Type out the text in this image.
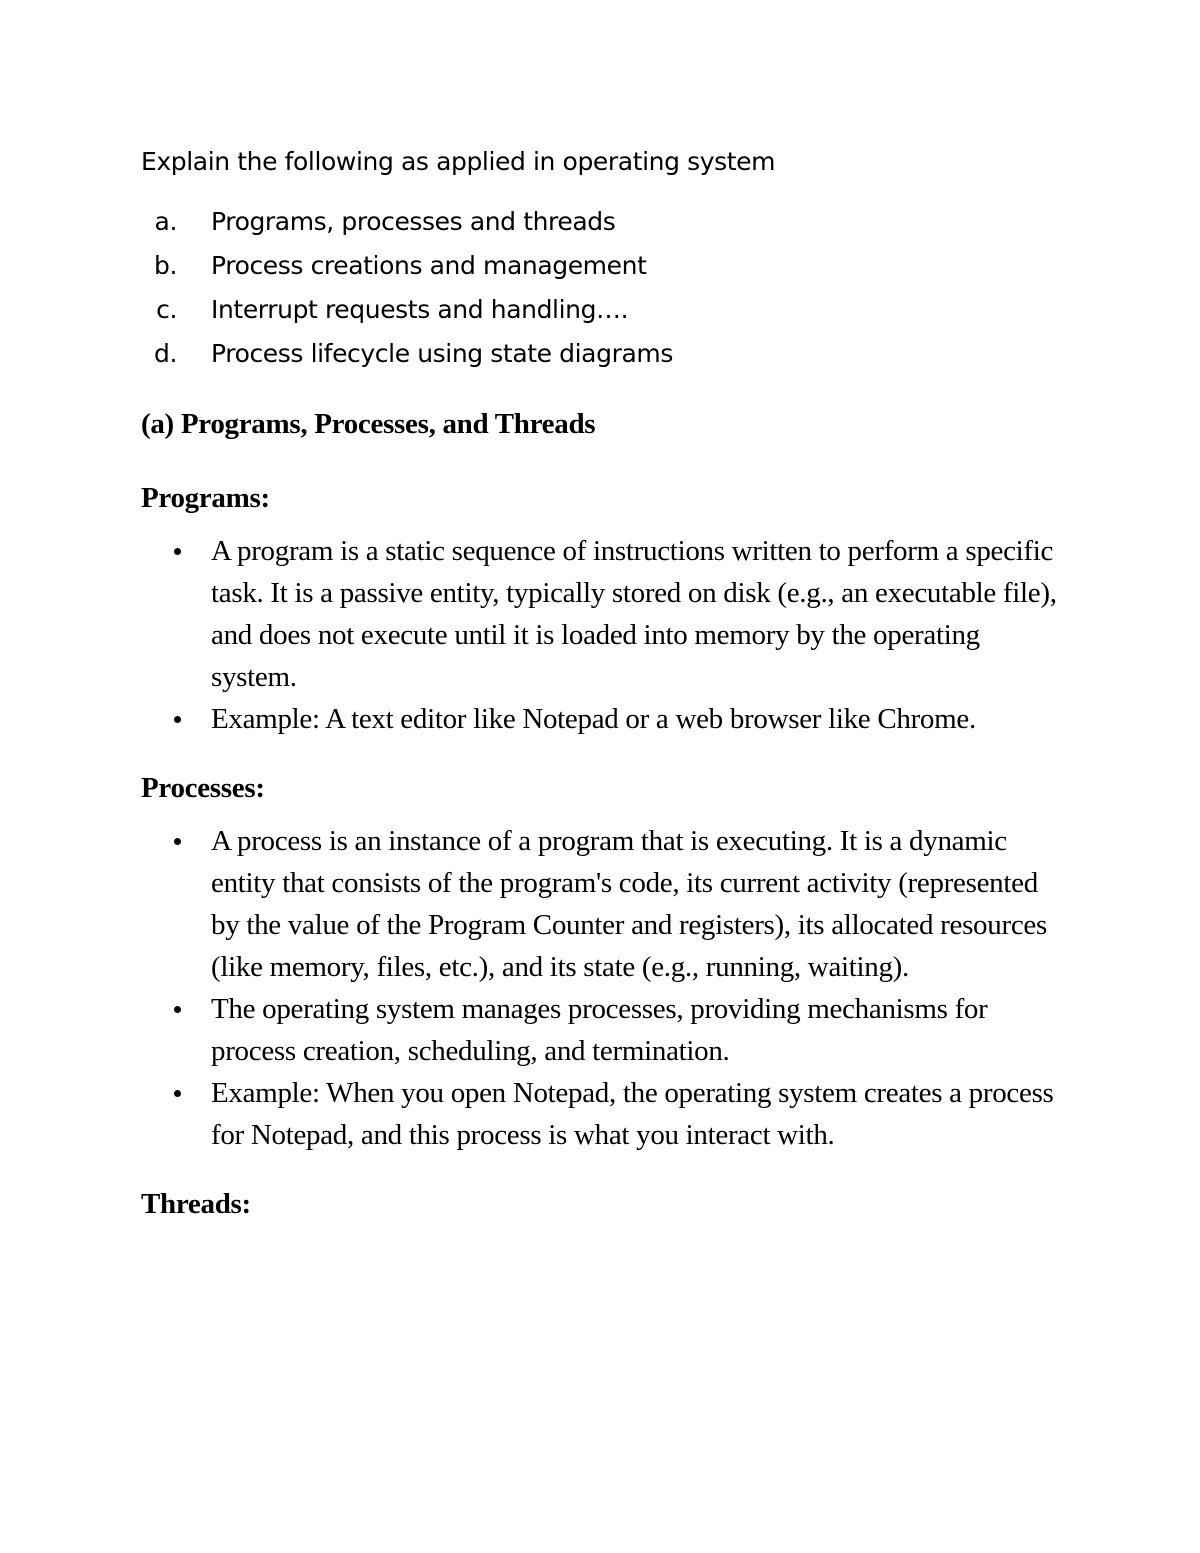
Explain the following as applied in operating system
a. Programs, processes and threads
b. Process creations and management
c. Interrupt requests and handling….
d. Process lifecycle using state diagrams
(a) Programs, Processes, and Threads
Programs:
A program is a static sequence of instructions written to perform a specific task. It is a passive entity, typically stored on disk (e.g., an executable file), and does not execute until it is loaded into memory by the operating system.
Example: A text editor like Notepad or a web browser like Chrome.
Processes:
A process is an instance of a program that is executing. It is a dynamic entity that consists of the program's code, its current activity (represented by the value of the Program Counter and registers), its allocated resources (like memory, files, etc.), and its state (e.g., running, waiting).
The operating system manages processes, providing mechanisms for process creation, scheduling, and termination.
Example: When you open Notepad, the operating system creates a process for Notepad, and this process is what you interact with.
Threads:
